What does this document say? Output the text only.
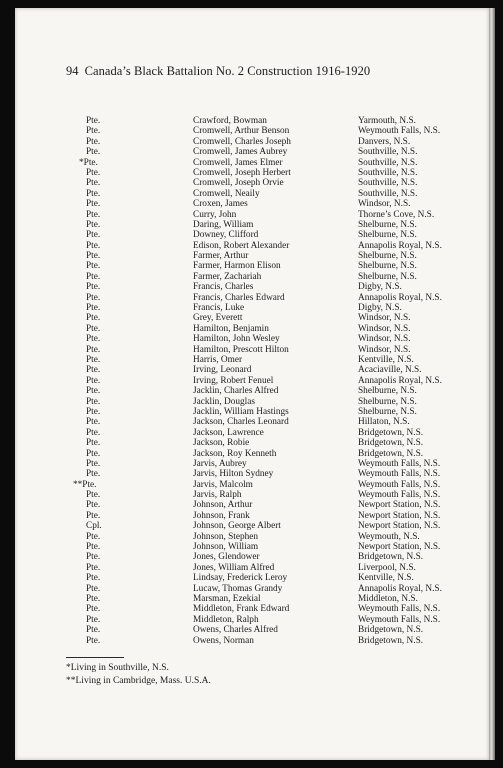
94 Canada’s Black Battalion No. 2 Construction 1916-1920
Pte.	Crawford, Bowman	Yarmouth, N.S.
Pte.	Cromwell, Arthur Benson	Weymouth Falls, N.S.
Pte.	Cromwell, Charles Joseph	Danvers, N.S.
Pte.	Cromwell, James Aubrey	Southville, N.S.
*Pte.	Cromwell, James Elmer	Southville, N.S.
Pte.	Cromwell, Joseph Herbert	Southville, N.S.
Pte.	Cromwell, Joseph Orvie	Southville, N.S.
Pte.	Cromwell, Neaily	Southville, N.S.
Pte.	Croxen, James	Windsor, N.S.
Pte.	Curry, John	Thorne’s Cove, N.S.
Pte.	Daring, William	Shelburne, N.S.
Pte.	Downey, Clifford	Shelburne, N.S.
Pte.	Edison, Robert Alexander	Annapolis Royal, N.S.
Pte.	Farmer, Arthur	Shelburne, N.S.
Pte.	Farmer, Harmon Elison	Shelburne, N.S.
Pte.	Farmer, Zachariah	Shelburne, N.S.
Pte.	Francis, Charles	Digby, N.S.
Pte.	Francis, Charles Edward	Annapolis Royal, N.S.
Pte.	Francis, Luke	Digby, N.S.
Pte.	Grey, Everett	Windsor, N.S.
Pte.	Hamilton, Benjamin	Windsor, N.S.
Pte.	Hamilton, John Wesley	Windsor, N.S.
Pte.	Hamilton, Prescott Hilton	Windsor, N.S.
Pte.	Harris, Omer	Kentville, N.S.
Pte.	Irving, Leonard	Acaciaville, N.S.
Pte.	Irving, Robert Fenuel	Annapolis Royal, N.S.
Pte.	Jacklin, Charles Alfred	Shelburne, N.S.
Pte.	Jacklin, Douglas	Shelburne, N.S.
Pte.	Jacklin, William Hastings	Shelburne, N.S.
Pte.	Jackson, Charles Leonard	Hillaton, N.S.
Pte.	Jackson, Lawrence	Bridgetown, N.S.
Pte.	Jackson, Robie	Bridgetown, N.S.
Pte.	Jackson, Roy Kenneth	Bridgetown, N.S.
Pte.	Jarvis, Aubrey	Weymouth Falls, N.S.
Pte.	Jarvis, Hilton Sydney	Weymouth Falls, N.S.
**Pte.	Jarvis, Malcolm	Weymouth Falls, N.S.
Pte.	Jarvis, Ralph	Weymouth Falls, N.S.
Pte.	Johnson, Arthur	Newport Station, N.S.
Pte.	Johnson, Frank	Newport Station, N.S.
Cpl.	Johnson, George Albert	Newport Station, N.S.
Pte.	Johnson, Stephen	Weymouth, N.S.
Pte.	Johnson, William	Newport Station, N.S.
Pte.	Jones, Glendower	Bridgetown, N.S.
Pte.	Jones, William Alfred	Liverpool, N.S.
Pte.	Lindsay, Frederick Leroy	Kentville, N.S.
Pte.	Lucaw, Thomas Grandy	Annapolis Royal, N.S.
Pte.	Marsman, Ezekial	Middleton, N.S.
Pte.	Middleton, Frank Edward	Weymouth Falls, N.S.
Pte.	Middleton, Ralph	Weymouth Falls, N.S.
Pte.	Owens, Charles Alfred	Bridgetown, N.S.
Pte.	Owens, Norman	Bridgetown, N.S.
*Living in Southville, N.S.
**Living in Cambridge, Mass. U.S.A.
